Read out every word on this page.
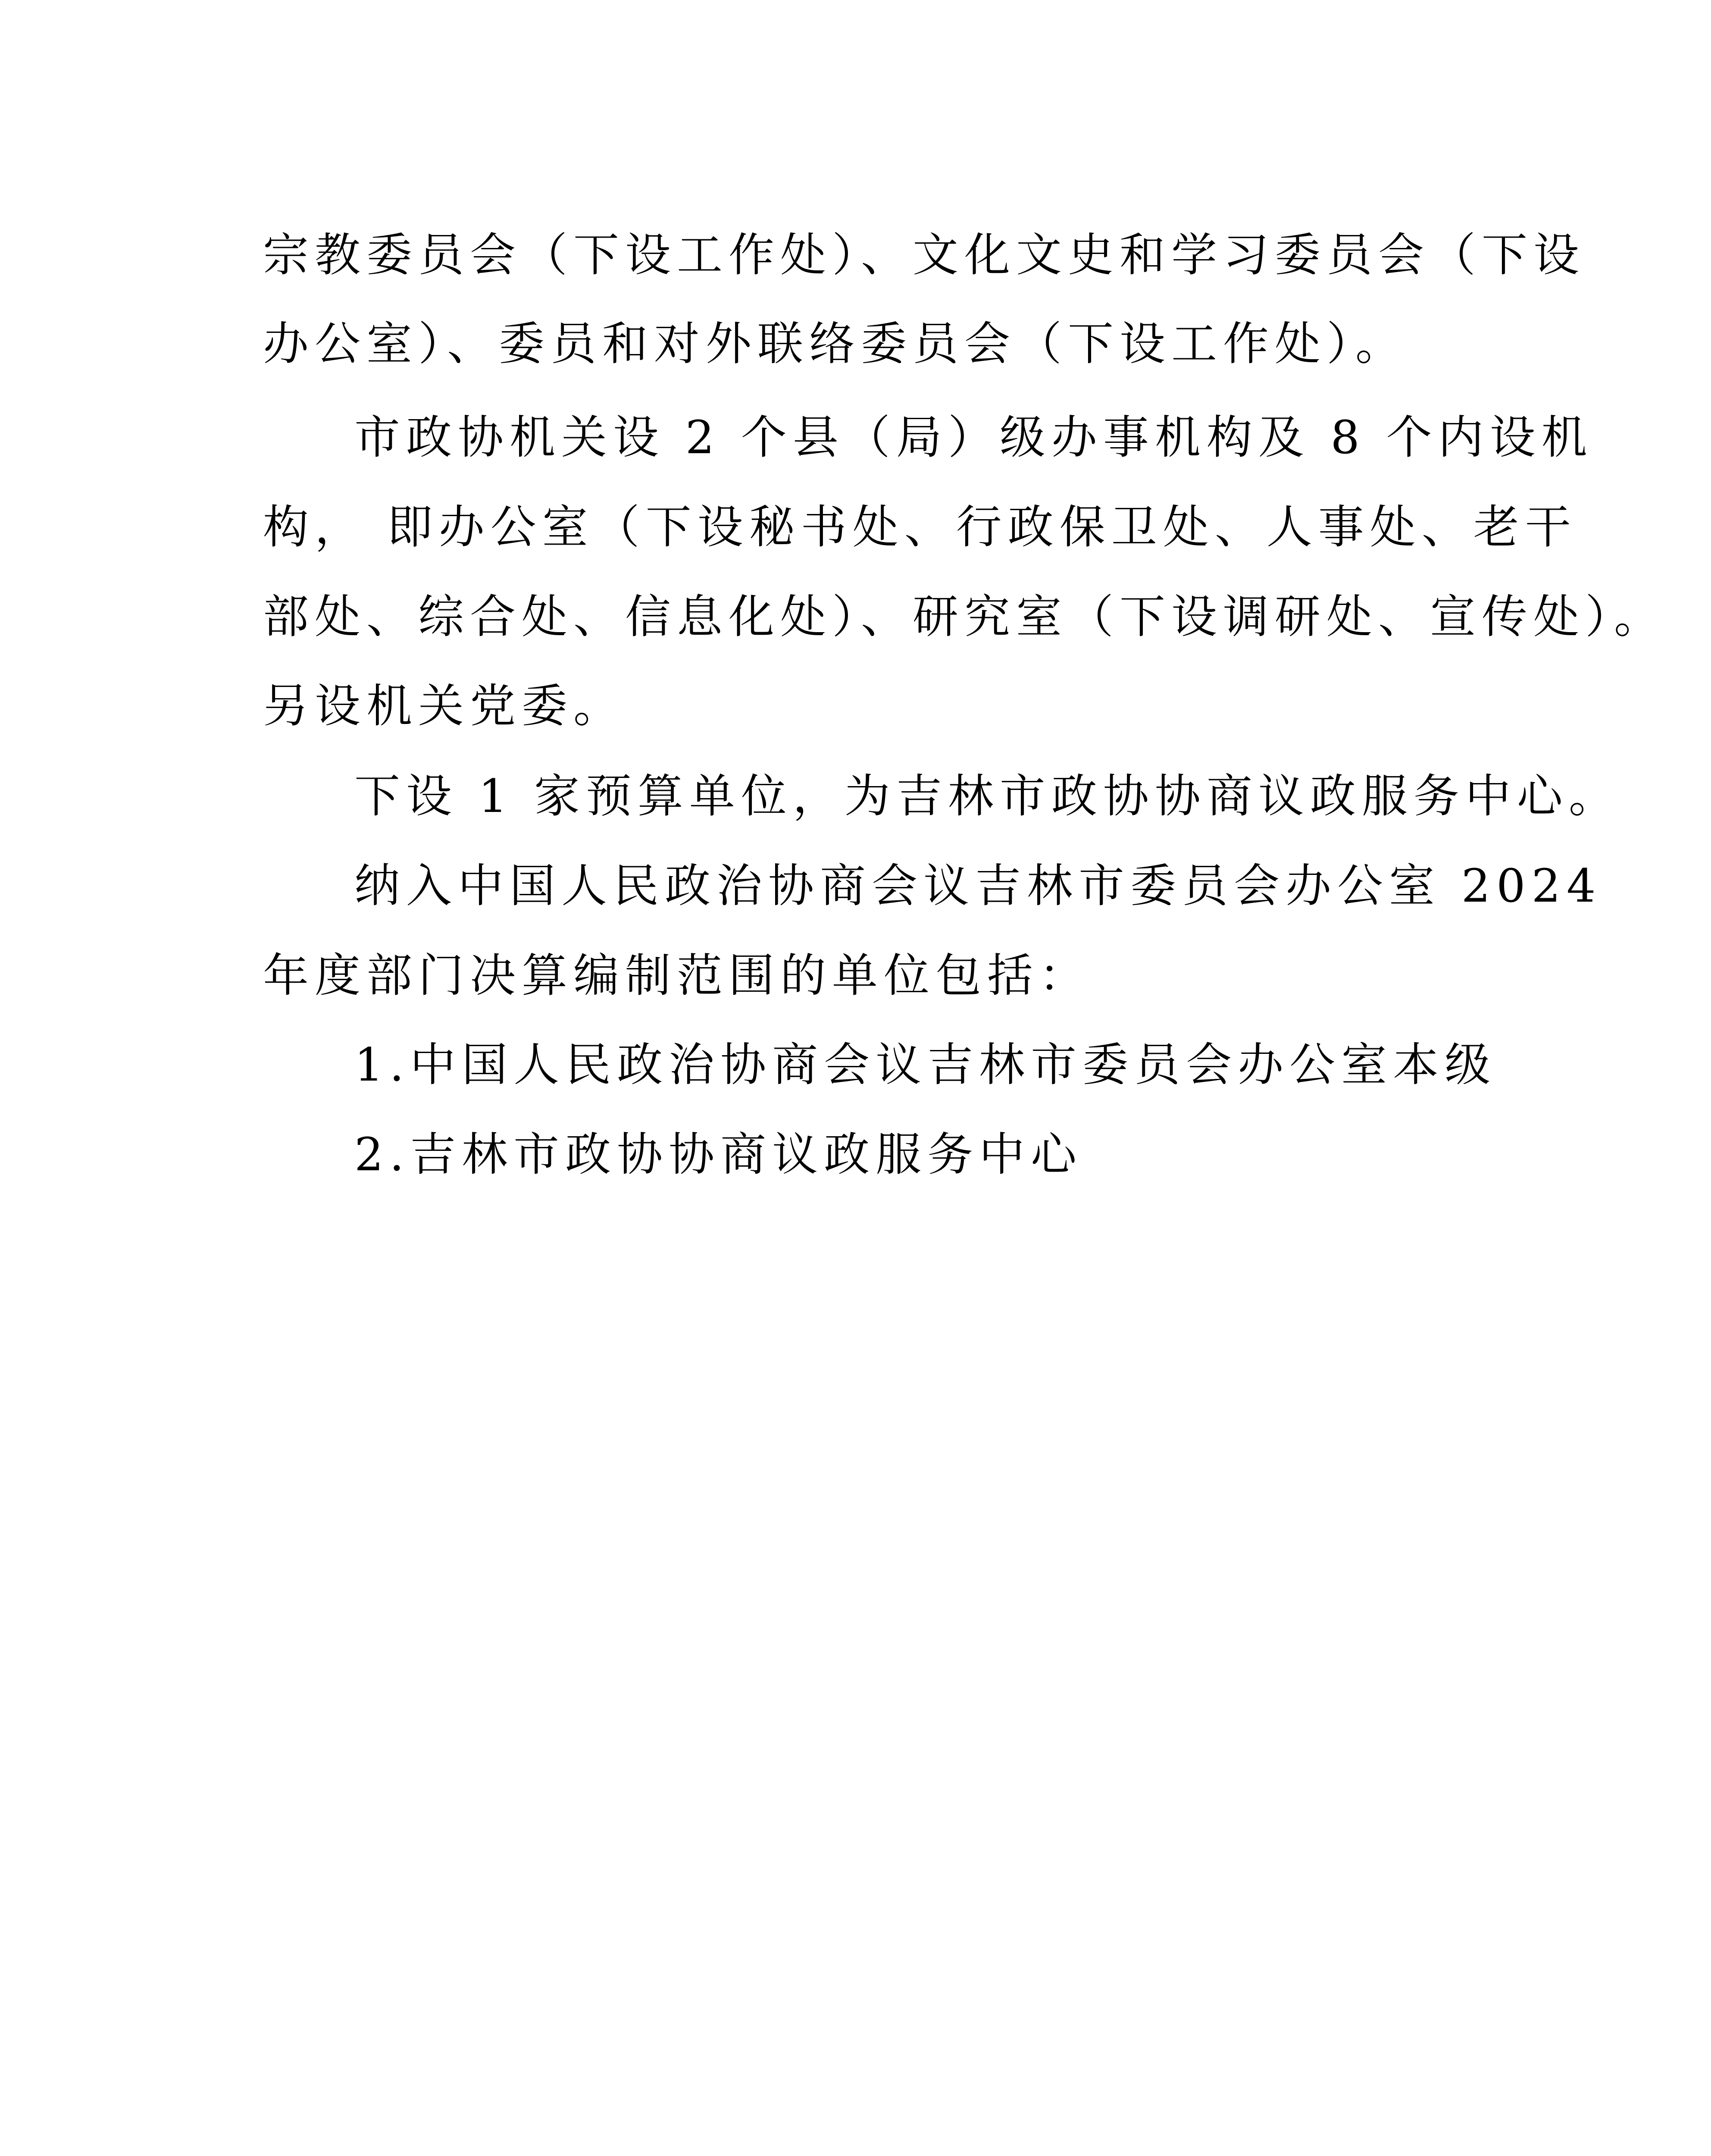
宗教委员会（下设工作处）、文化文史和学习委员会（下设
办公室）、委员和对外联络委员会（下设工作处）。
市政协机关设 2 个县（局）级办事机构及 8 个内设机
构， 即办公室（下设秘书处、行政保卫处、人事处、老干
部处、综合处、信息化处）、研究室（下设调研处、宣传处）。
另设机关党委。
下设 1 家预算单位，为吉林市政协协商议政服务中心。
纳入中国人民政治协商会议吉林市委员会办公室 2024
年度部门决算编制范围的单位包括：
1.中国人民政治协商会议吉林市委员会办公室本级
2.吉林市政协协商议政服务中心
